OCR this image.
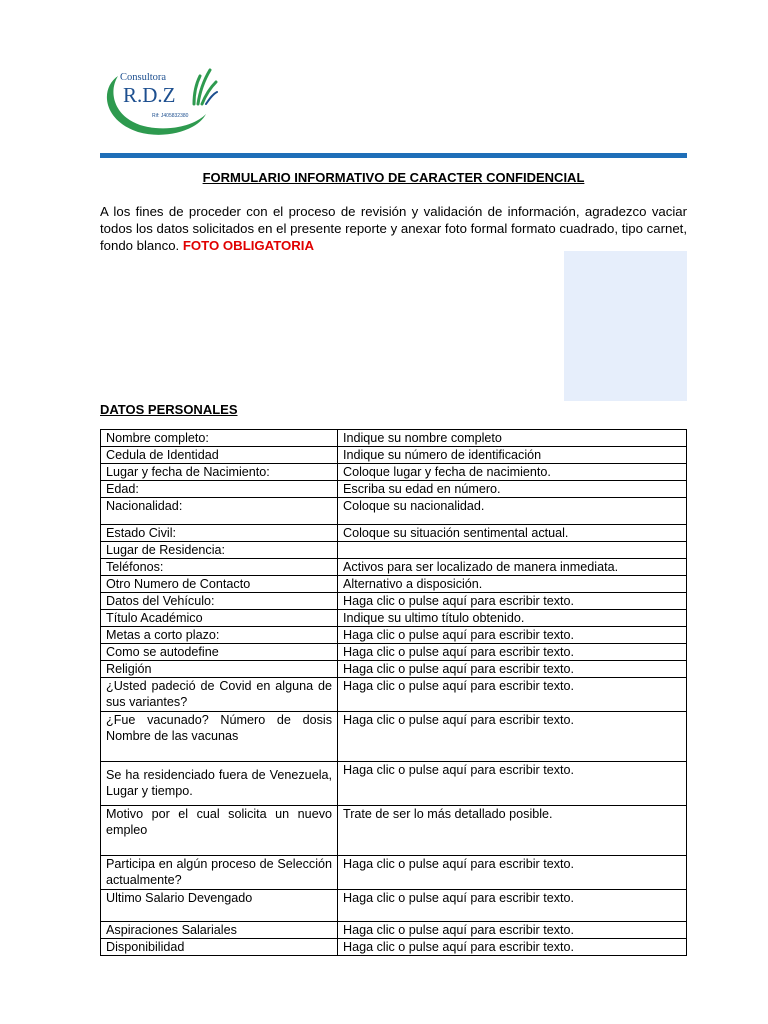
Consultora
R.D.Z
Rif: J405832380
FORMULARIO INFORMATIVO DE CARACTER CONFIDENCIAL
A los fines de proceder con el proceso de revisión y validación de información, agradezco vaciar todos los datos solicitados en el presente reporte y anexar foto formal formato cuadrado, tipo carnet, fondo blanco. FOTO OBLIGATORIA
DATOS PERSONALES
Nombre completo:	Indique su nombre completo
Cedula de Identidad	Indique su número de identificación
Lugar y fecha de Nacimiento:	Coloque lugar y fecha de nacimiento.
Edad:	Escriba su edad en número.
Nacionalidad:	Coloque su nacionalidad.
Estado Civil:	Coloque su situación sentimental actual.
Lugar de Residencia:	
Teléfonos:	Activos para ser localizado de manera inmediata.
Otro Numero de Contacto	Alternativo a disposición.
Datos del Vehículo:	Haga clic o pulse aquí para escribir texto.
Título Académico	Indique su ultimo título obtenido.
Metas a corto plazo:	Haga clic o pulse aquí para escribir texto.
Como se autodefine	Haga clic o pulse aquí para escribir texto.
Religión	Haga clic o pulse aquí para escribir texto.
¿Usted padeció de Covid en alguna de sus variantes?	Haga clic o pulse aquí para escribir texto.
¿Fue vacunado? Número de dosis Nombre de las vacunas	Haga clic o pulse aquí para escribir texto.
Se ha residenciado fuera de Venezuela, Lugar y tiempo.	Haga clic o pulse aquí para escribir texto.
Motivo por el cual solicita un nuevo empleo	Trate de ser lo más detallado posible.
Participa en algún proceso de Selección actualmente?	Haga clic o pulse aquí para escribir texto.
Ultimo Salario Devengado	Haga clic o pulse aquí para escribir texto.
Aspiraciones Salariales	Haga clic o pulse aquí para escribir texto.
Disponibilidad	Haga clic o pulse aquí para escribir texto.
